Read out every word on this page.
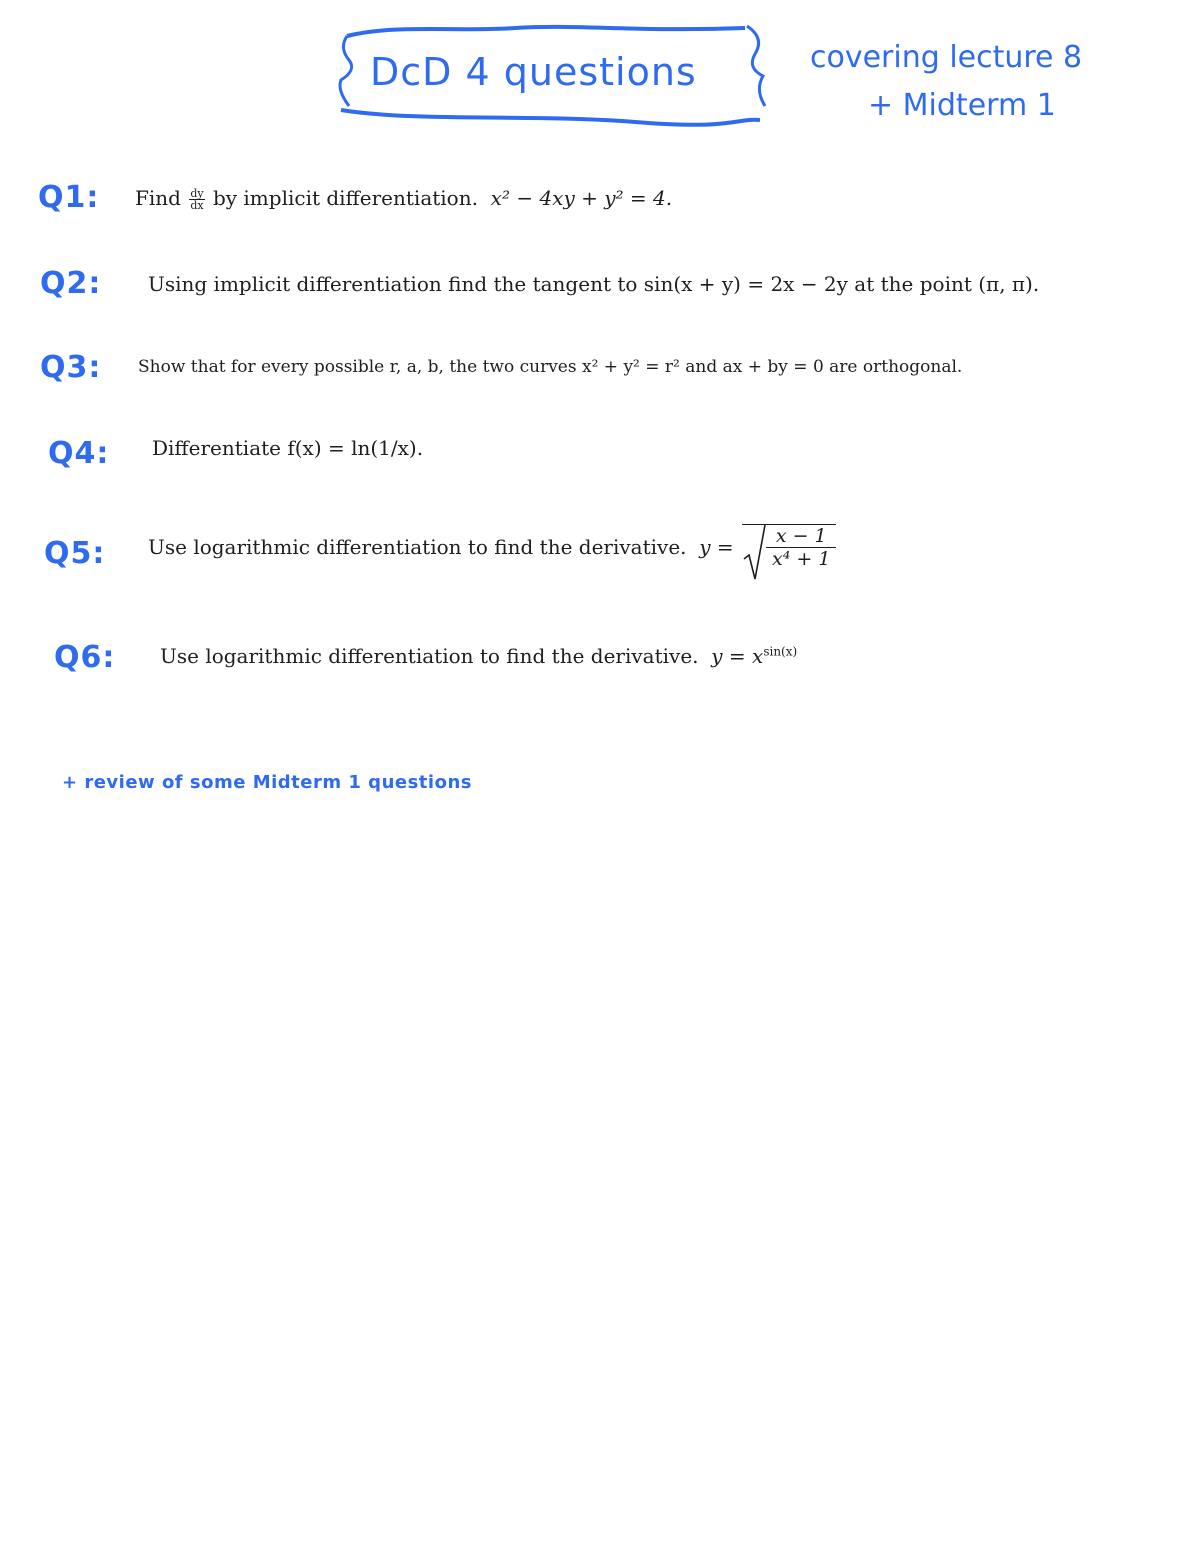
DcD 4 questions	covering lecture 8
+ Midterm 1
Q1: Find $\frac{dy}{dx}$ by implicit differentiation. x² − 4xy + y² = 4.
Q2: Using implicit differentiation find the tangent to sin(x + y) = 2x − 2y at the point (π, π).
Q3: Show that for every possible r, a, b, the two curves x² + y² = r² and ax + by = 0 are orthogonal.
Q4: Differentiate f(x) = ln(1/x).
Q5: Use logarithmic differentiation to find the derivative. $y = \frac{x - 1}{\text{x⁴ + 1}}$
Q6: Use logarithmic differentiation to find the derivative. $y = x^{sin(x)}$
+ review of some Midterm 1 questions
